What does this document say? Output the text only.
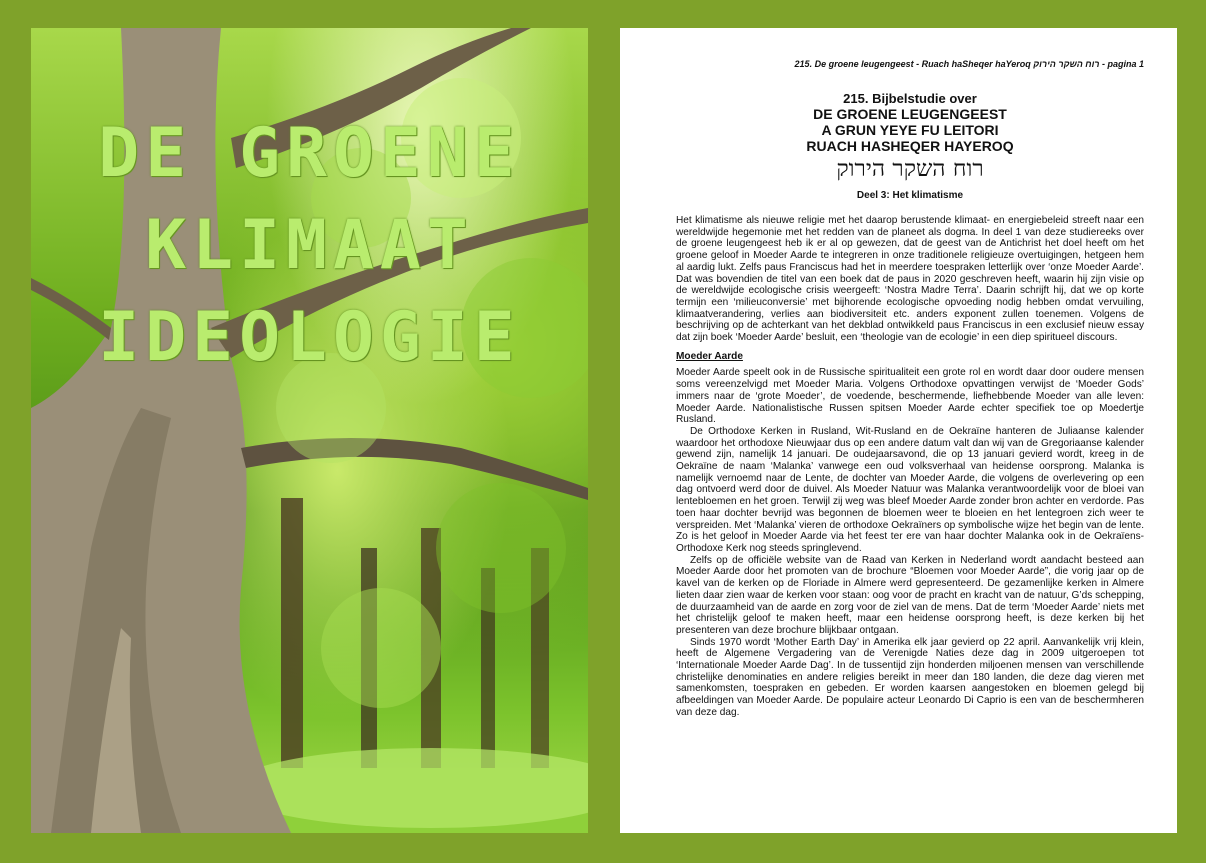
DE GROENE
KLIMAAT
IDEOLOGIE
215. De groene leugengeest - Ruach haSheqer haYeroq רוח השקר הירוק - pagina 1
215. Bijbelstudie over
DE GROENE LEUGENGEEST
A GRUN YEYE FU LEITORI
RUACH HASHEQER HAYEROQ
רוח השקר הירוק
Deel 3: Het klimatisme

Het klimatisme als nieuwe religie met het daarop berustende klimaat- en energiebeleid streeft naar een wereldwijde hegemonie met het redden van de planeet als dogma. In deel 1 van deze studiereeks over de groene leugengeest heb ik er al op gewezen, dat de geest van de Antichrist het doel heeft om het groene geloof in Moeder Aarde te integreren in onze traditionele religieuze overtuigingen, hetgeen hem al aardig lukt. Zelfs paus Franciscus had het in meerdere toespraken letterlijk over ‘onze Moeder Aarde’. Dat was bovendien de titel van een boek dat de paus in 2020 geschreven heeft, waarin hij zijn visie op de wereldwijde ecologische crisis weergeeft: ‘Nostra Madre Terra’. Daarin schrijft hij, dat we op korte termijn een ‘milieuconversie’ met bijhorende ecologische opvoeding nodig hebben omdat vervuiling, klimaatverandering, verlies aan biodiversiteit etc. anders exponent zullen toenemen. Volgens de beschrijving op de achterkant van het dekblad ontwikkeld paus Franciscus in een exclusief nieuw essay dat zijn boek ‘Moeder Aarde’ besluit, een ‘theologie van de ecologie’ in een diep spiritueel discours.

Moeder Aarde

Moeder Aarde speelt ook in de Russische spiritualiteit een grote rol en wordt daar door oudere mensen soms vereenzelvigd met Moeder Maria. Volgens Orthodoxe opvattingen verwijst de ‘Moeder Gods’ immers naar de ‘grote Moeder’, de voedende, beschermende, liefhebbende Moeder van alle leven: Moeder Aarde. Nationalistische Russen spitsen Moeder Aarde echter specifiek toe op Moedertje Rusland.

De Orthodoxe Kerken in Rusland, Wit-Rusland en de Oekraïne hanteren de Juliaanse kalender waardoor het orthodoxe Nieuwjaar dus op een andere datum valt dan wij van de Gregoriaanse kalender gewend zijn, namelijk 14 januari. De oudejaarsavond, die op 13 januari gevierd wordt, kreeg in de Oekraïne de naam ‘Malanka’ vanwege een oud volksverhaal van heidense oorsprong. Malanka is namelijk vernoemd naar de Lente, de dochter van Moeder Aarde, die volgens de overlevering op een dag ontvoerd werd door de duivel. Als Moeder Natuur was Malanka verantwoordelijk voor de bloei van lentebloemen en het groen. Terwijl zij weg was bleef Moeder Aarde zonder bron achter en verdorde. Pas toen haar dochter bevrijd was begonnen de bloemen weer te bloeien en het lentegroen zich weer te verspreiden. Met ‘Malanka’ vieren de orthodoxe Oekraïners op symbolische wijze het begin van de lente. Zo is het geloof in Moeder Aarde via het feest ter ere van haar dochter Malanka ook in de Oekraïens-Orthodoxe Kerk nog steeds springlevend.

Zelfs op de officiële website van de Raad van Kerken in Nederland wordt aandacht besteed aan Moeder Aarde door het promoten van de brochure “Bloemen voor Moeder Aarde”, die vorig jaar op de kavel van de kerken op de Floriade in Almere werd gepresenteerd. De gezamenlijke kerken in Almere lieten daar zien waar de kerken voor staan: oog voor de pracht en kracht van de natuur, G’ds schepping, de duurzaamheid van de aarde en zorg voor de ziel van de mens. Dat de term ‘Moeder Aarde’ niets met het christelijk geloof te maken heeft, maar een heidense oorsprong heeft, is deze kerken bij het presenteren van deze brochure blijkbaar ontgaan.

Sinds 1970 wordt ‘Mother Earth Day’ in Amerika elk jaar gevierd op 22 april. Aanvankelijk vrij klein, heeft de Algemene Vergadering van de Verenigde Naties deze dag in 2009 uitgeroepen tot ‘Internationale Moeder Aarde Dag’. In de tussentijd zijn honderden miljoenen mensen van verschillende christelijke denominaties en andere religies bereikt in meer dan 180 landen, die deze dag vieren met samenkomsten, toespraken en gebeden. Er worden kaarsen aangestoken en bloemen gelegd bij afbeeldingen van Moeder Aarde. De populaire acteur Leonardo Di Caprio is een van de beschermheren van deze dag.
